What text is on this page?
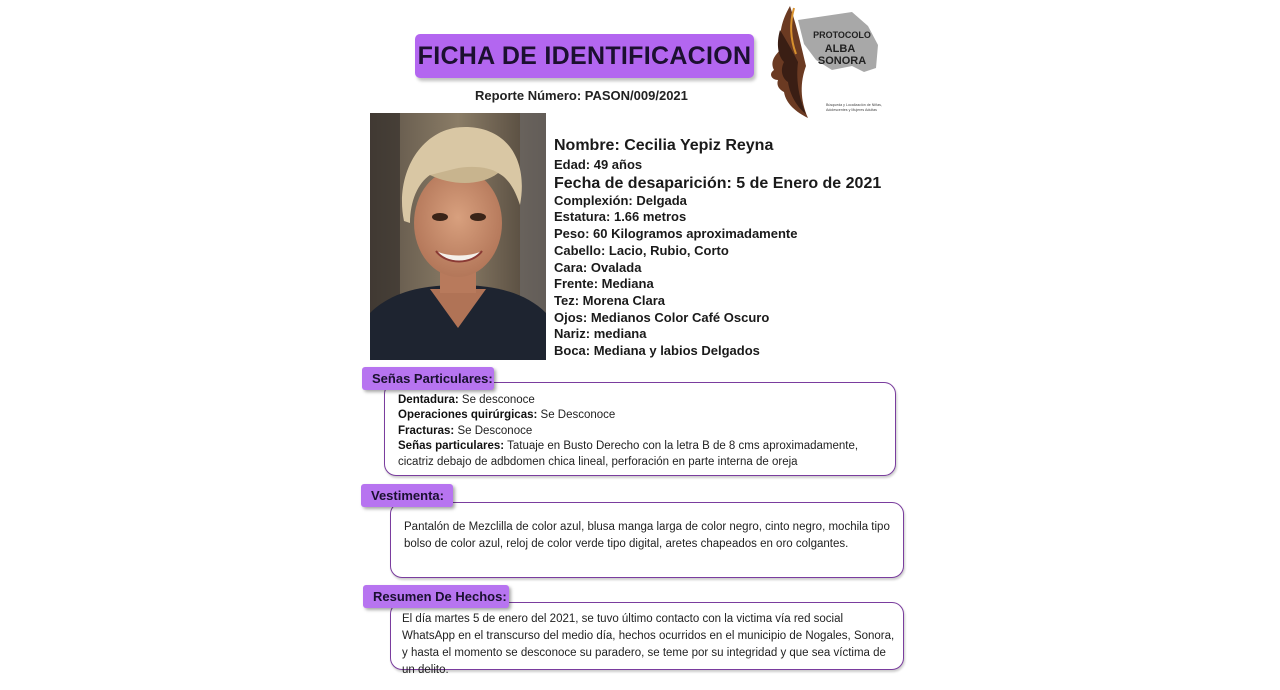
FICHA DE IDENTIFICACION
Reporte Número: PASON/009/2021
PROTOCOLO
ALBA
SONORA
Búsqueda y Localización de Niñas,
Adolescentes y Mujeres Adultas
Nombre: Cecilia Yepiz Reyna
Edad: 49 años
Fecha de desaparición: 5 de Enero de 2021
Complexión: Delgada
Estatura: 1.66 metros
Peso: 60 Kilogramos aproximadamente
Cabello: Lacio, Rubio, Corto
Cara: Ovalada
Frente: Mediana
Tez: Morena Clara
Ojos: Medianos Color Café Oscuro
Nariz: mediana
Boca: Mediana y labios Delgados
Dentadura: Se desconoce
Operaciones quirúrgicas: Se Desconoce
Fracturas: Se Desconoce
Señas particulares: Tatuaje en Busto Derecho con la letra B de 8 cms aproximadamente, cicatriz debajo de adbdomen chica lineal, perforación en parte interna de oreja
Señas Particulares:
Pantalón de Mezclilla de color azul, blusa manga larga de color negro, cinto negro, mochila tipo bolso de color azul, reloj de color verde tipo digital, aretes chapeados en oro colgantes.
Vestimenta:
El día martes 5 de enero del 2021, se tuvo último contacto con la victima vía red social WhatsApp en el transcurso del medio día, hechos ocurridos en el municipio de Nogales, Sonora, y hasta el momento se desconoce su paradero, se teme por su integridad y que sea víctima de un delito.
Resumen De Hechos:
